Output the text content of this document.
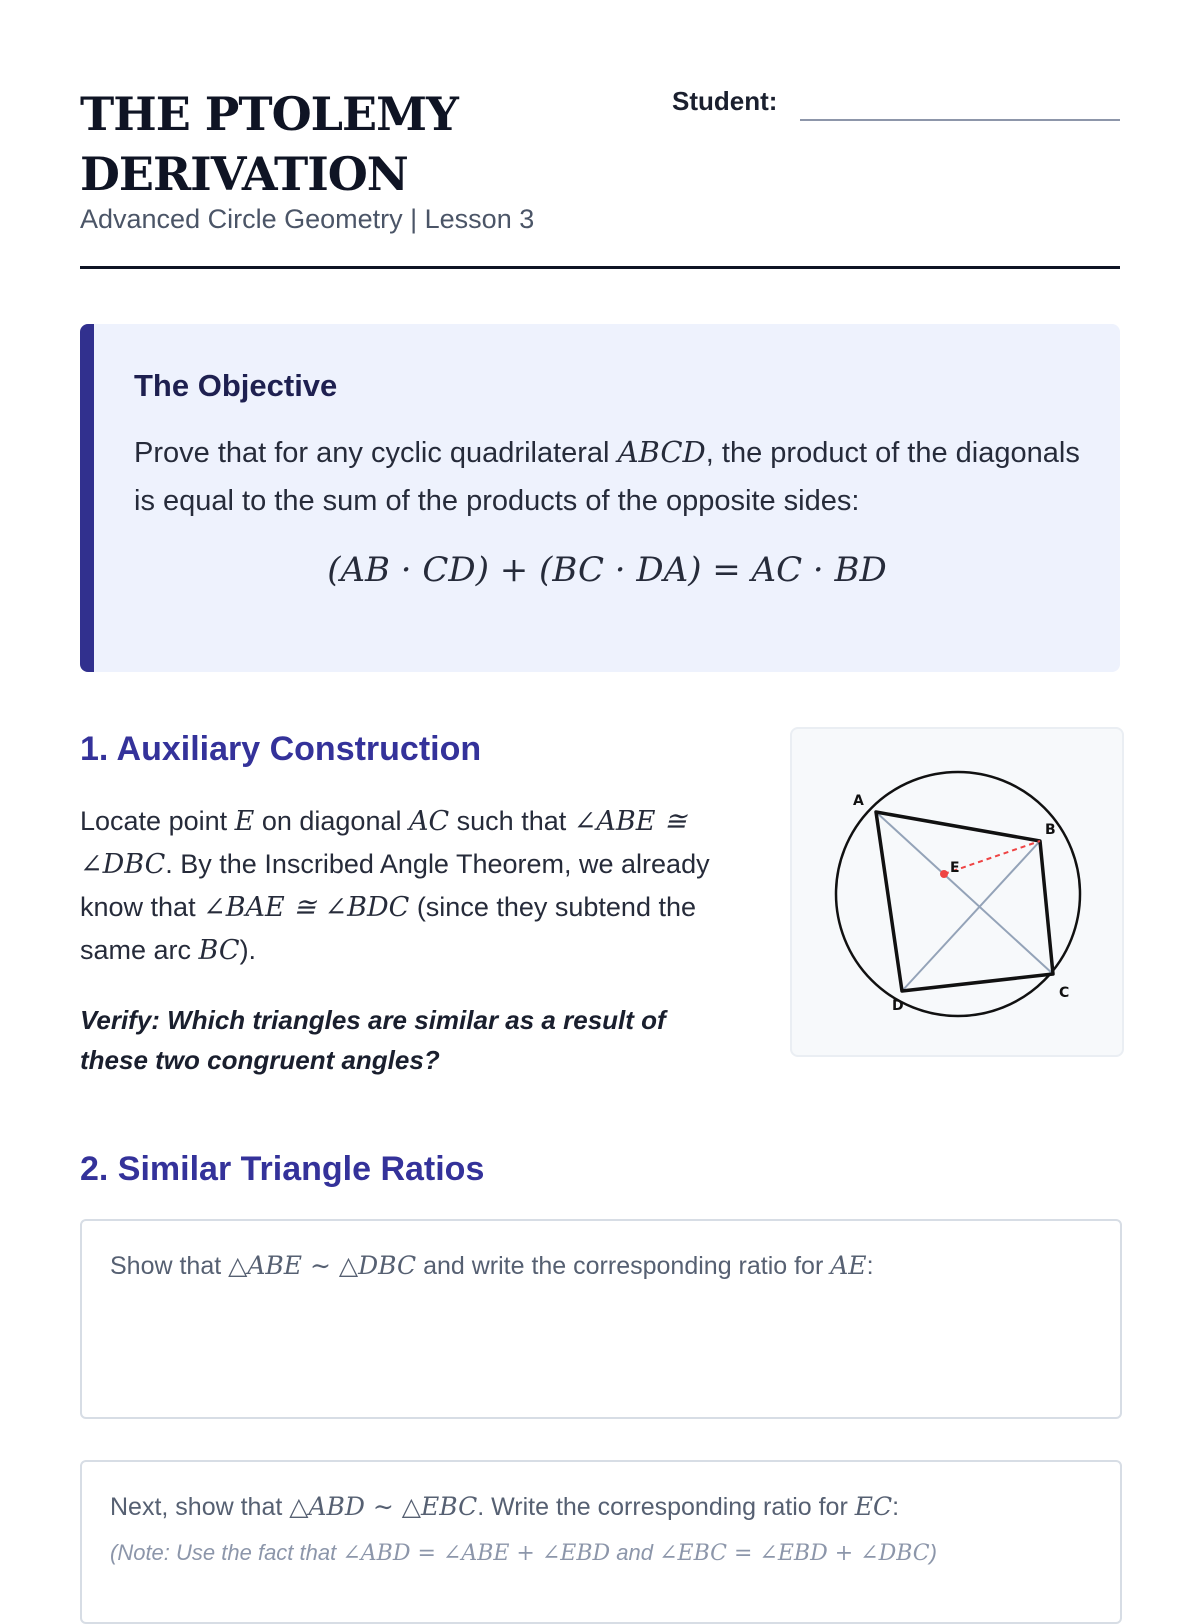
THE PTOLEMY DERIVATION
Advanced Circle Geometry | Lesson 3
Student:
The Objective
Prove that for any cyclic quadrilateral ABCD, the product of the diagonals is equal to the sum of the products of the opposite sides:
(AB · CD) + (BC · DA) = AC · BD
1. Auxiliary Construction
Locate point E on diagonal AC such that ∠ABE ≅ ∠DBC. By the Inscribed Angle Theorem, we already know that ∠BAE ≅ ∠BDC (since they subtend the same arc BC).
Verify: Which triangles are similar as a result of these two congruent angles?
A
B
C
D
E
2. Similar Triangle Ratios
Show that △ABE ∼ △DBC and write the corresponding ratio for AE:
Next, show that △ABD ∼ △EBC. Write the corresponding ratio for EC:
(Note: Use the fact that ∠ABD = ∠ABE + ∠EBD and ∠EBC = ∠EBD + ∠DBC)
